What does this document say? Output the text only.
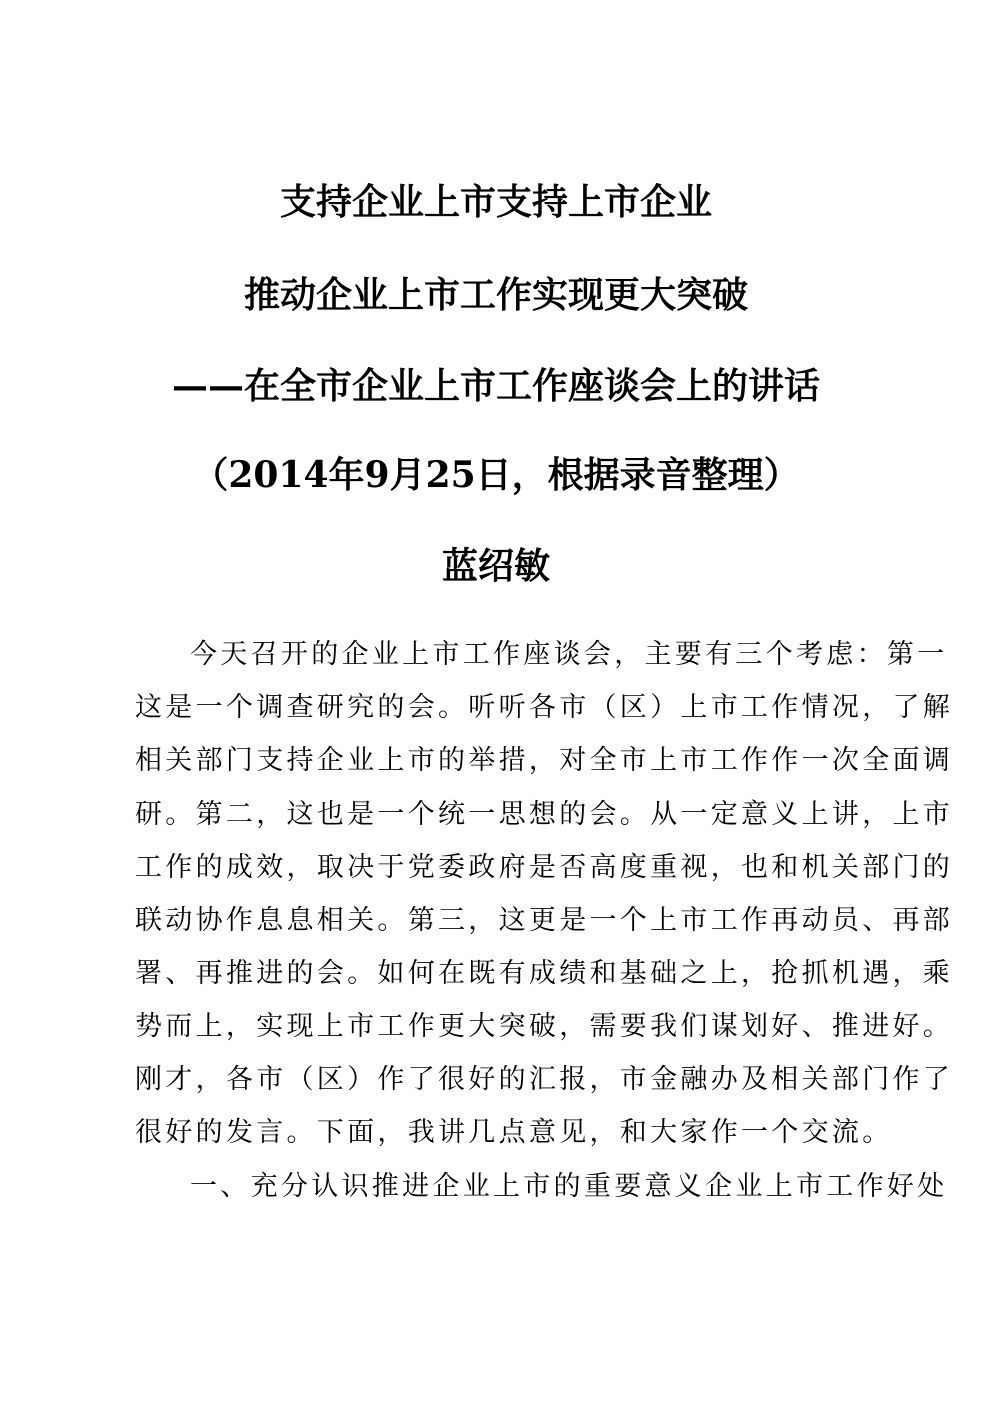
支持企业上市支持上市企业
推动企业上市工作实现更大突破
——在全市企业上市工作座谈会上的讲话
（2014年9月25日，根据录音整理）
蓝绍敏
今天召开的企业上市工作座谈会，主要有三个考虑：第一
这是一个调查研究的会。听听各市（区）上市工作情况，了解
相关部门支持企业上市的举措，对全市上市工作作一次全面调
研。第二，这也是一个统一思想的会。从一定意义上讲，上市
工作的成效，取决于党委政府是否高度重视，也和机关部门的
联动协作息息相关。第三，这更是一个上市工作再动员、再部
署、再推进的会。如何在既有成绩和基础之上，抢抓机遇，乘
势而上，实现上市工作更大突破，需要我们谋划好、推进好。
刚才，各市（区）作了很好的汇报，市金融办及相关部门作了
很好的发言。下面，我讲几点意见，和大家作一个交流。
一、充分认识推进企业上市的重要意义企业上市工作好处
